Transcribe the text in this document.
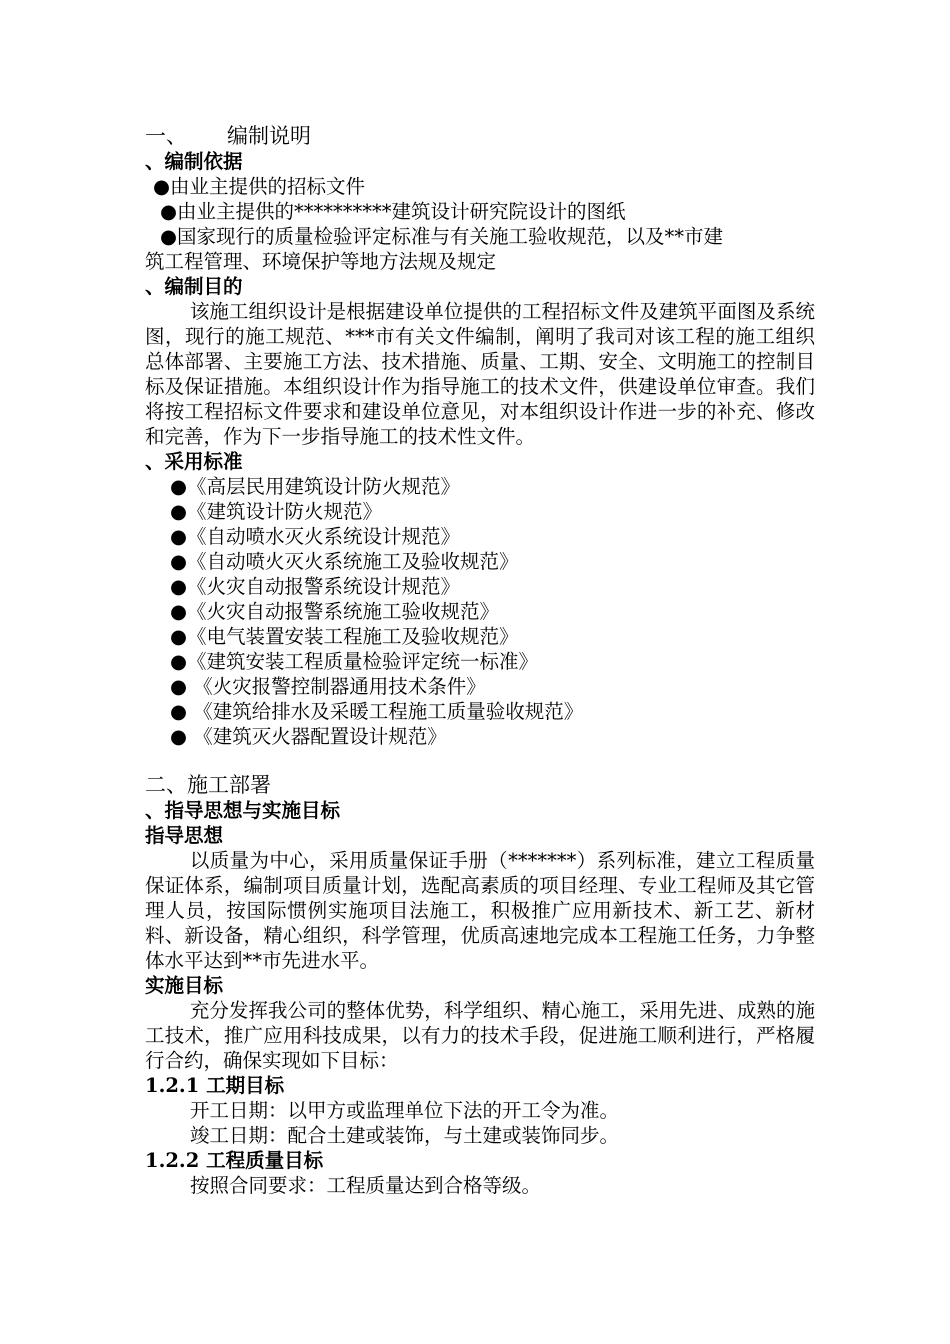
一、 编制说明
、编制依据
●由业主提供的招标文件
●由业主提供的**********建筑设计研究院设计的图纸
●国家现行的质量检验评定标准与有关施工验收规范，以及**市建
筑工程管理、环境保护等地方法规及规定
、编制目的
该施工组织设计是根据建设单位提供的工程招标文件及建筑平面图及系统图，现行的施工规范、***市有关文件编制，阐明了我司对该工程的施工组织总体部署、主要施工方法、技术措施、质量、工期、安全、文明施工的控制目标及保证措施。本组织设计作为指导施工的技术文件，供建设单位审查。我们将按工程招标文件要求和建设单位意见，对本组织设计作进一步的补充、修改和完善，作为下一步指导施工的技术性文件。
、采用标准
●《高层民用建筑设计防火规范》
●《建筑设计防火规范》
●《自动喷水灭火系统设计规范》
●《自动喷火灭火系统施工及验收规范》
●《火灾自动报警系统设计规范》
●《火灾自动报警系统施工验收规范》
●《电气装置安装工程施工及验收规范》
●《建筑安装工程质量检验评定统一标准》
● 《火灾报警控制器通用技术条件》
● 《建筑给排水及采暖工程施工质量验收规范》
● 《建筑灭火器配置设计规范》
二、施工部署
、指导思想与实施目标
指导思想
以质量为中心，采用质量保证手册（*******）系列标准，建立工程质量保证体系，编制项目质量计划，选配高素质的项目经理、专业工程师及其它管理人员，按国际惯例实施项目法施工，积极推广应用新技术、新工艺、新材料、新设备，精心组织，科学管理，优质高速地完成本工程施工任务，力争整体水平达到**市先进水平。
实施目标
充分发挥我公司的整体优势，科学组织、精心施工，采用先进、成熟的施工技术，推广应用科技成果，以有力的技术手段，促进施工顺利进行，严格履行合约，确保实现如下目标：
1.2.1 工期目标
开工日期：以甲方或监理单位下法的开工令为准。
竣工日期：配合土建或装饰，与土建或装饰同步。
1.2.2 工程质量目标
按照合同要求：工程质量达到合格等级。
